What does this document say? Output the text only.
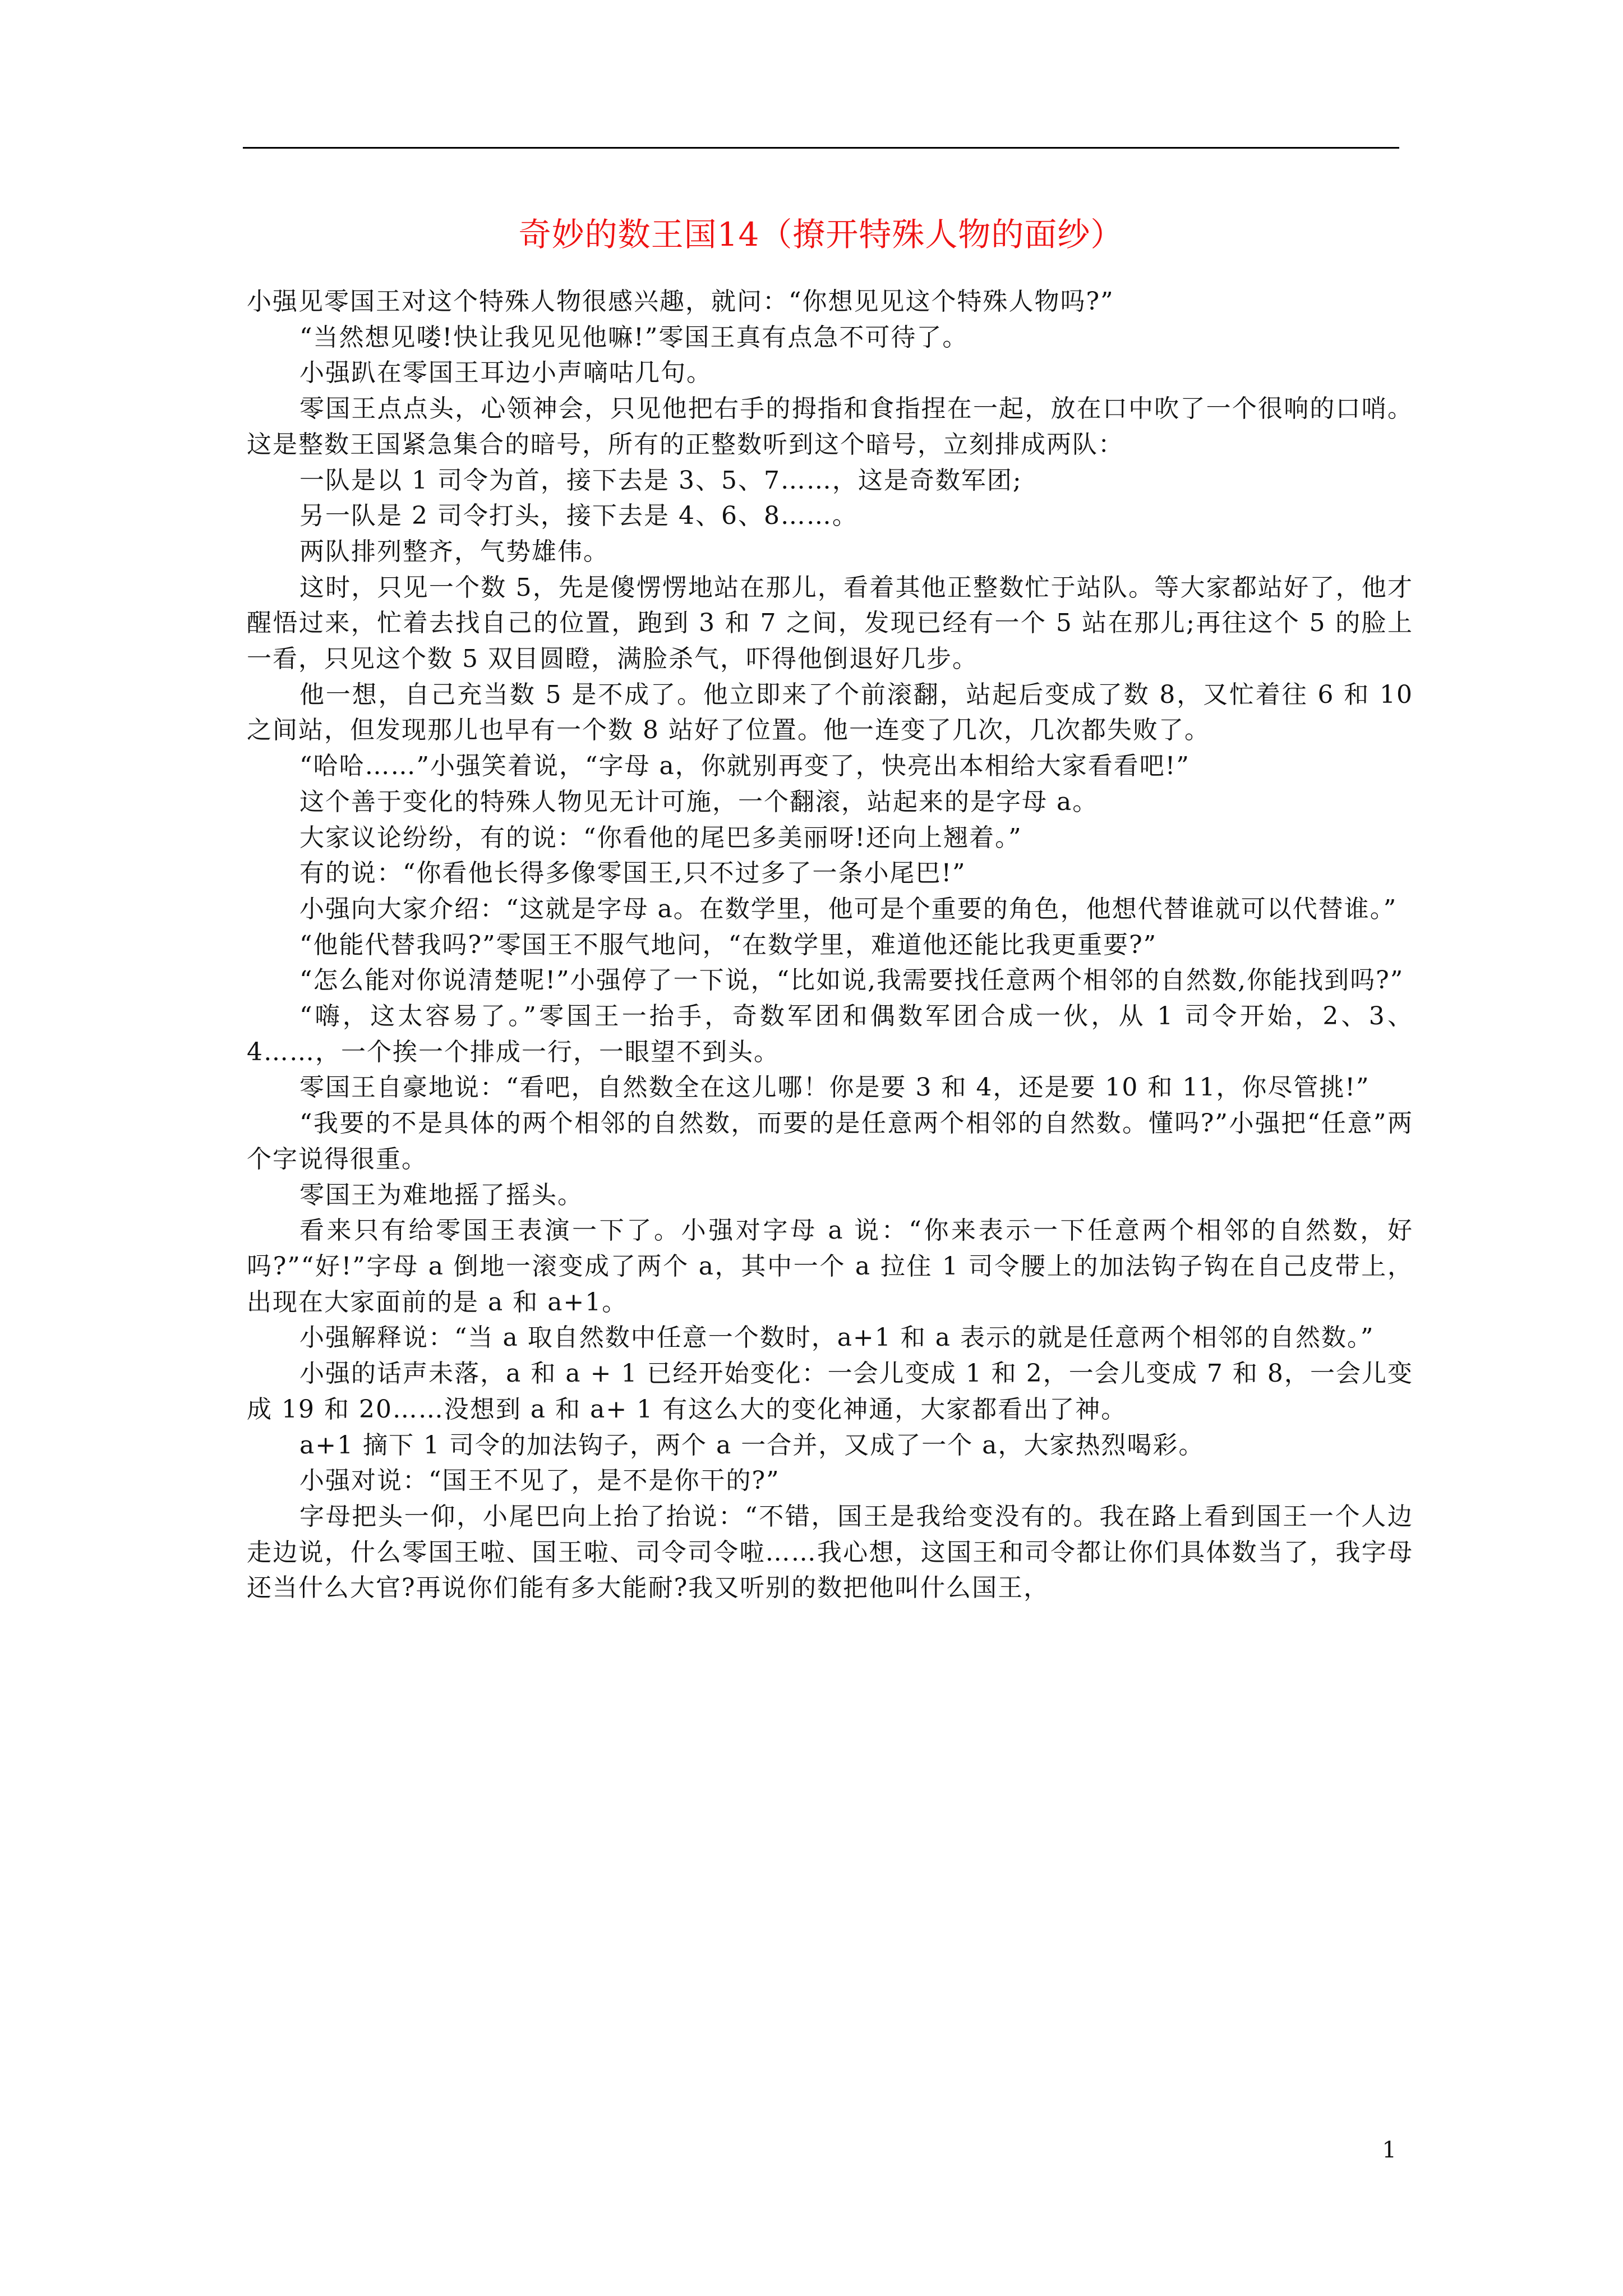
奇妙的数王国14（撩开特殊人物的面纱）

小强见零国王对这个特殊人物很感兴趣，就问：“你想见见这个特殊人物吗?”

“当然想见喽!快让我见见他嘛!”零国王真有点急不可待了。

小强趴在零国王耳边小声嘀咕几句。

零国王点点头，心领神会，只见他把右手的拇指和食指捏在一起，放在口中吹了一个很响的口哨。这是整数王国紧急集合的暗号，所有的正整数听到这个暗号，立刻排成两队：

一队是以 1 司令为首，接下去是 3、5、7……，这是奇数军团;

另一队是 2 司令打头，接下去是 4、6、8……。

两队排列整齐，气势雄伟。

这时，只见一个数 5，先是傻愣愣地站在那儿，看着其他正整数忙于站队。等大家都站好了，他才醒悟过来，忙着去找自己的位置，跑到 3 和 7 之间，发现已经有一个 5 站在那儿;再往这个 5 的脸上一看，只见这个数 5 双目圆瞪，满脸杀气，吓得他倒退好几步。

他一想，自己充当数 5 是不成了。他立即来了个前滚翻，站起后变成了数 8，又忙着往 6 和 10 之间站，但发现那儿也早有一个数 8 站好了位置。他一连变了几次，几次都失败了。

“哈哈……”小强笑着说，“字母 a，你就别再变了，快亮出本相给大家看看吧!”

这个善于变化的特殊人物见无计可施，一个翻滚，站起来的是字母 a。

大家议论纷纷，有的说：“你看他的尾巴多美丽呀!还向上翘着。”

有的说：“你看他长得多像零国王,只不过多了一条小尾巴!”

小强向大家介绍：“这就是字母 a。在数学里，他可是个重要的角色，他想代替谁就可以代替谁。”

“他能代替我吗?”零国王不服气地问，“在数学里，难道他还能比我更重要?”

“怎么能对你说清楚呢!”小强停了一下说，“比如说,我需要找任意两个相邻的自然数,你能找到吗?”

“嗨，这太容易了。”零国王一抬手，奇数军团和偶数军团合成一伙，从 1 司令开始，2、3、4……，一个挨一个排成一行，一眼望不到头。

零国王自豪地说：“看吧，自然数全在这儿哪！你是要 3 和 4，还是要 10 和 11，你尽管挑!”

“我要的不是具体的两个相邻的自然数，而要的是任意两个相邻的自然数。懂吗?”小强把“任意”两个字说得很重。

零国王为难地摇了摇头。

看来只有给零国王表演一下了。小强对字母 a 说：“你来表示一下任意两个相邻的自然数，好吗?”“好!”字母 a 倒地一滚变成了两个 a，其中一个 a 拉住 1 司令腰上的加法钩子钩在自己皮带上，出现在大家面前的是 a 和 a+1。

小强解释说：“当 a 取自然数中任意一个数时，a+1 和 a 表示的就是任意两个相邻的自然数。”

小强的话声未落，a 和 a + 1 已经开始变化：一会儿变成 1 和 2，一会儿变成 7 和 8，一会儿变成 19 和 20……没想到 a 和 a+ 1 有这么大的变化神通，大家都看出了神。

a+1 摘下 1 司令的加法钩子，两个 a 一合并，又成了一个 a，大家热烈喝彩。

小强对说：“国王不见了，是不是你干的?”

字母把头一仰，小尾巴向上抬了抬说：“不错，国王是我给变没有的。我在路上看到国王一个人边走边说，什么零国王啦、国王啦、司令司令啦……我心想，这国王和司令都让你们具体数当了，我字母还当什么大官?再说你们能有多大能耐?我又听别的数把他叫什么国王，

1
